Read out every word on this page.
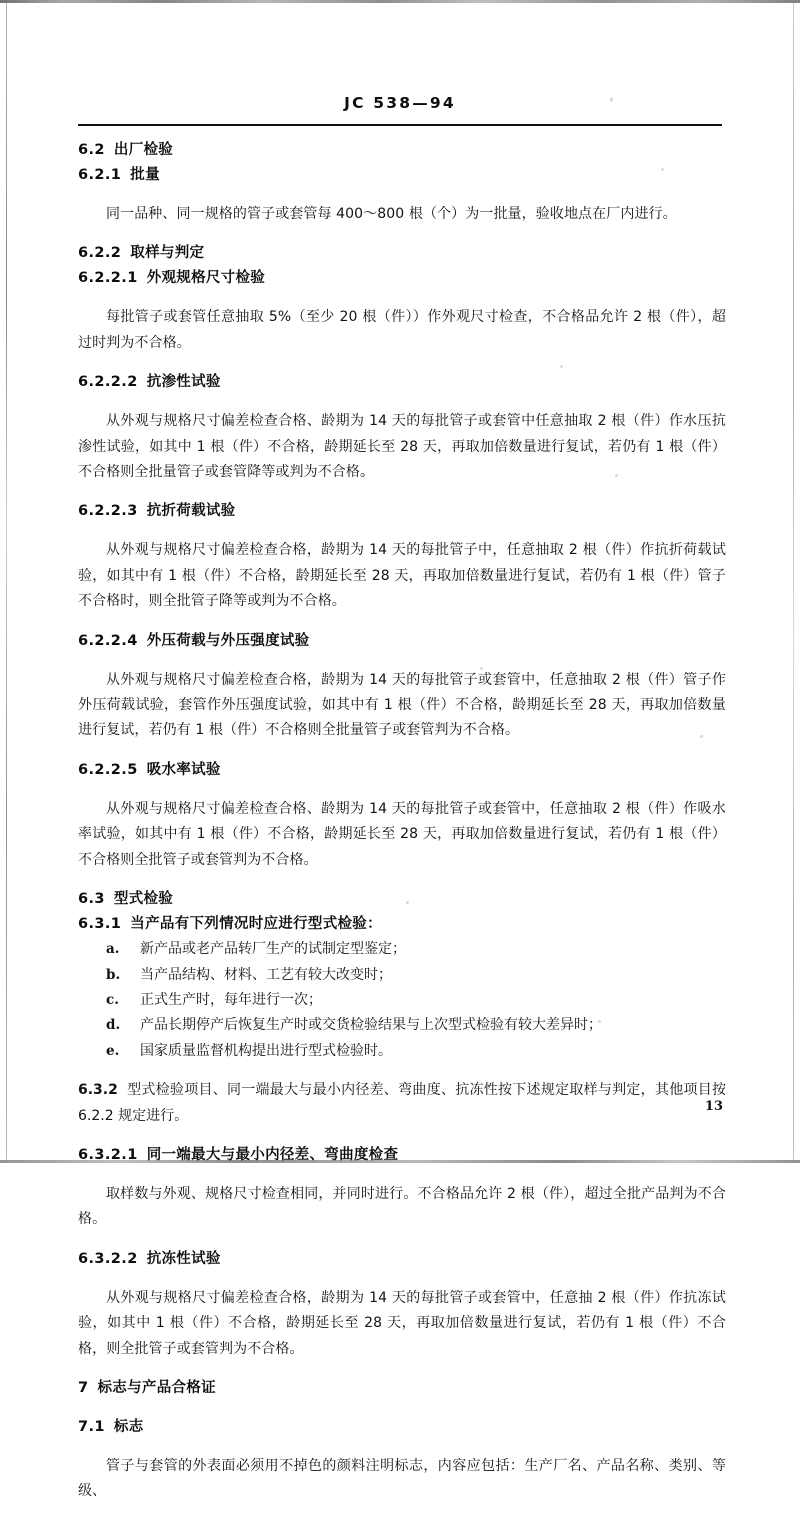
JC 538—94
6.2 出厂检验
6.2.1 批量

同一品种、同一规格的管子或套管每 400～800 根（个）为一批量，验收地点在厂内进行。

6.2.2 取样与判定
6.2.2.1 外观规格尺寸检验

每批管子或套管任意抽取 5%（至少 20 根（件））作外观尺寸检查，不合格品允许 2 根（件），超过时判为不合格。

6.2.2.2 抗渗性试验

从外观与规格尺寸偏差检查合格、龄期为 14 天的每批管子或套管中任意抽取 2 根（件）作水压抗渗性试验，如其中 1 根（件）不合格，龄期延长至 28 天，再取加倍数量进行复试，若仍有 1 根（件）不合格则全批量管子或套管降等或判为不合格。

6.2.2.3 抗折荷载试验

从外观与规格尺寸偏差检查合格，龄期为 14 天的每批管子中，任意抽取 2 根（件）作抗折荷载试验，如其中有 1 根（件）不合格，龄期延长至 28 天，再取加倍数量进行复试，若仍有 1 根（件）管子不合格时，则全批管子降等或判为不合格。

6.2.2.4 外压荷载与外压强度试验

从外观与规格尺寸偏差检查合格，龄期为 14 天的每批管子或套管中，任意抽取 2 根（件）管子作外压荷载试验，套管作外压强度试验，如其中有 1 根（件）不合格，龄期延长至 28 天，再取加倍数量进行复试，若仍有 1 根（件）不合格则全批量管子或套管判为不合格。

6.2.2.5 吸水率试验

从外观与规格尺寸偏差检查合格、龄期为 14 天的每批管子或套管中，任意抽取 2 根（件）作吸水率试验，如其中有 1 根（件）不合格，龄期延长至 28 天，再取加倍数量进行复试，若仍有 1 根（件）不合格则全批管子或套管判为不合格。

6.3 型式检验
6.3.1 当产品有下列情况时应进行型式检验：
a. 新产品或老产品转厂生产的试制定型鉴定；
b. 当产品结构、材料、工艺有较大改变时；
c. 正式生产时，每年进行一次；
d. 产品长期停产后恢复生产时或交货检验结果与上次型式检验有较大差异时；
e. 国家质量监督机构提出进行型式检验时。

6.3.2 型式检验项目、同一端最大与最小内径差、弯曲度、抗冻性按下述规定取样与判定，其他项目按 6.2.2 规定进行。

6.3.2.1 同一端最大与最小内径差、弯曲度检查

取样数与外观、规格尺寸检查相同，并同时进行。不合格品允许 2 根（件），超过全批产品判为不合格。

6.3.2.2 抗冻性试验

从外观与规格尺寸偏差检查合格，龄期为 14 天的每批管子或套管中，任意抽 2 根（件）作抗冻试验，如其中 1 根（件）不合格，龄期延长至 28 天，再取加倍数量进行复试，若仍有 1 根（件）不合格，则全批管子或套管判为不合格。

7 标志与产品合格证
7.1 标志

管子与套管的外表面必须用不掉色的颜料注明标志，内容应包括：生产厂名、产品名称、类别、等级、

13
